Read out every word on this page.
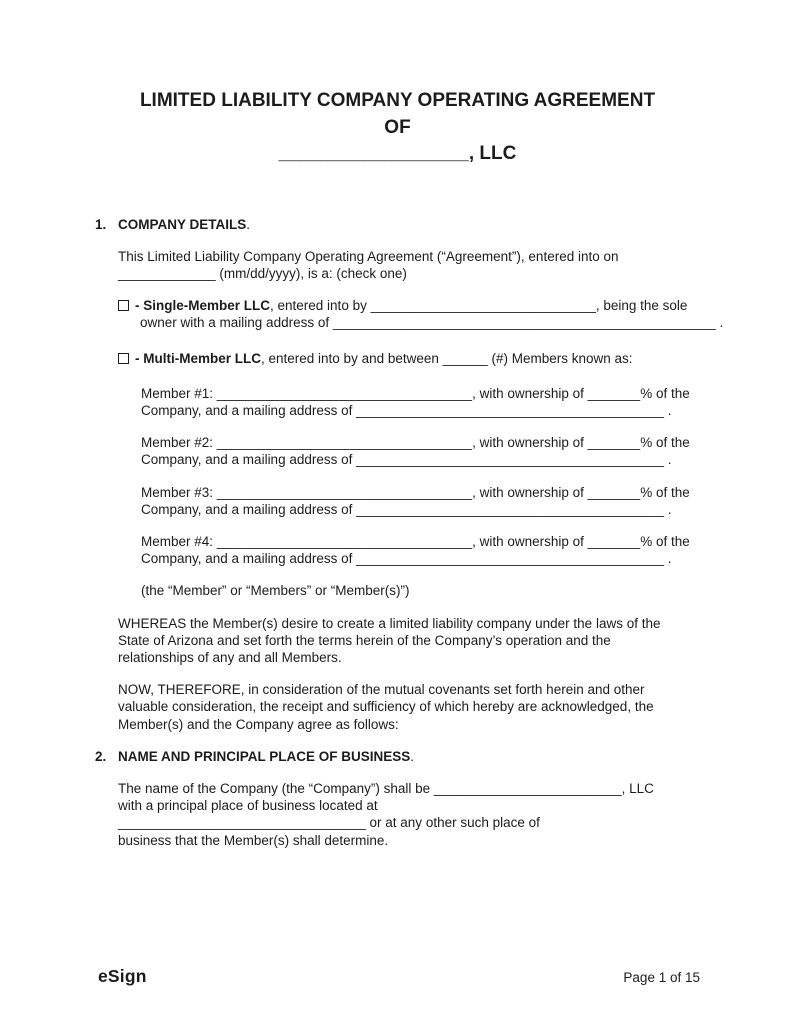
LIMITED LIABILITY COMPANY OPERATING AGREEMENT
OF
__________________, LLC
1. COMPANY DETAILS.
This Limited Liability Company Operating Agreement (“Agreement”), entered into on
_____________ (mm/dd/yyyy), is a: (check one)
- Single-Member LLC, entered into by ______________________________, being the sole
owner with a mailing address of ___________________________________________________ .
- Multi-Member LLC, entered into by and between ______ (#) Members known as:
Member #1: __________________________________, with ownership of _______% of the
Company, and a mailing address of _________________________________________ .
Member #2: __________________________________, with ownership of _______% of the
Company, and a mailing address of _________________________________________ .
Member #3: __________________________________, with ownership of _______% of the
Company, and a mailing address of _________________________________________ .
Member #4: __________________________________, with ownership of _______% of the
Company, and a mailing address of _________________________________________ .
(the “Member” or “Members” or “Member(s)”)
WHEREAS the Member(s) desire to create a limited liability company under the laws of the
State of Arizona and set forth the terms herein of the Company’s operation and the
relationships of any and all Members.
NOW, THEREFORE, in consideration of the mutual covenants set forth herein and other
valuable consideration, the receipt and sufficiency of which hereby are acknowledged, the
Member(s) and the Company agree as follows:
2. NAME AND PRINCIPAL PLACE OF BUSINESS.
The name of the Company (the “Company”) shall be _________________________, LLC
with a principal place of business located at
_________________________________ or at any other such place of
business that the Member(s) shall determine.
eSign	Page 1 of 15
